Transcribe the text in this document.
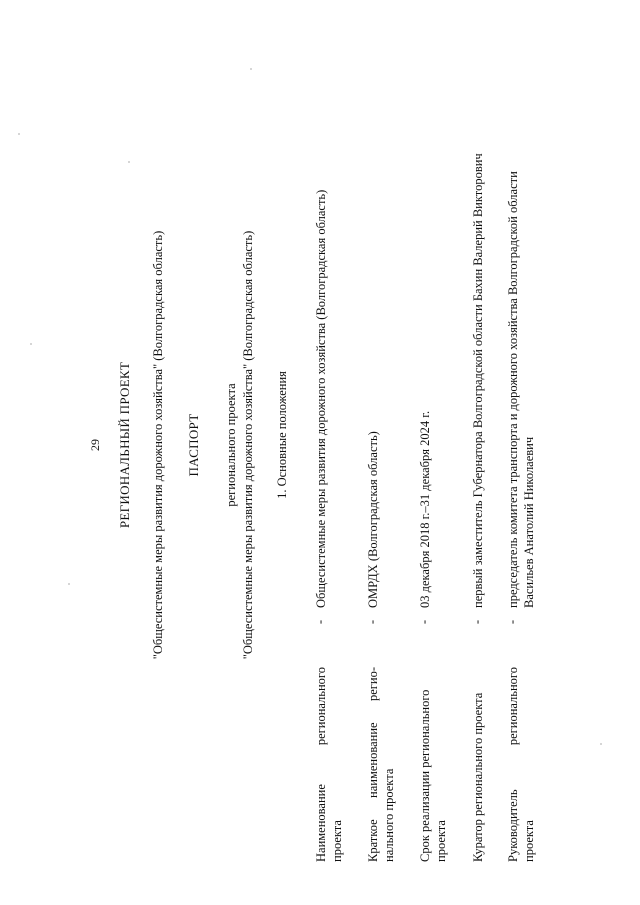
29 РЕГИОНАЛЬНЫЙ ПРОЕКТ "Общесистемные меры развития дорожного хозяйства" (Волгоградская область) ПАСПОРТ регионального проекта "Общесистемные меры развития дорожного хозяйства" (Волгоградская область) 1. Основные положения
Наименование
регионального
проекта
-
Общесистемные меры развития дорожного хозяйства (Волгоградская область)
Краткое
наименование
регио-
нального проекта
-
ОМРДХ (Волгоградская область)
Срок реализации регионального проекта
-
03 декабря 2018 г.–31 декабря 2024 г.
Куратор регионального проекта
-
первый заместитель Губернатора Волгоградской области Бахин Валерий Викторович
Руководитель
регионального
проекта
-
председатель комитета транспорта и дорожного хозяйства Волгоградской области Васильев Анатолий Николаевич
